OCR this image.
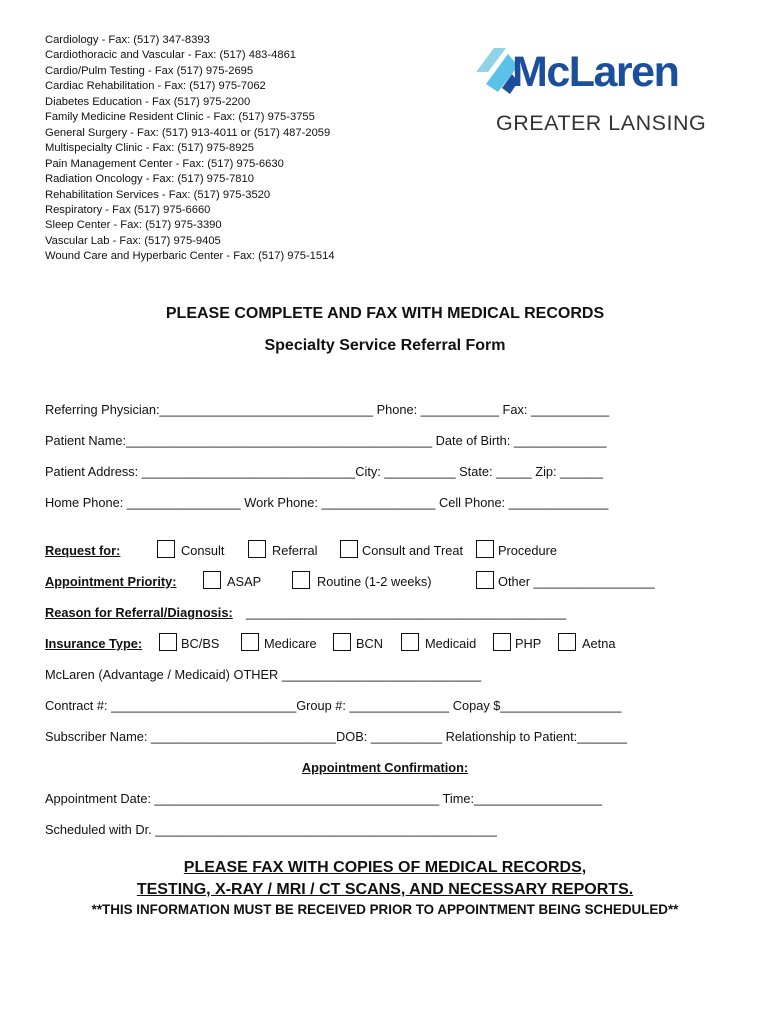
Cardiology - Fax: (517) 347-8393
Cardiothoracic and Vascular - Fax: (517) 483-4861
Cardio/Pulm Testing - Fax (517) 975-2695
Cardiac Rehabilitation - Fax: (517) 975-7062
Diabetes Education - Fax (517) 975-2200
Family Medicine Resident Clinic - Fax: (517) 975-3755
General Surgery - Fax: (517) 913-4011 or (517) 487-2059
Multispecialty Clinic - Fax: (517) 975-8925
Pain Management Center - Fax: (517) 975-6630
Radiation Oncology - Fax: (517) 975-7810
Rehabilitation Services - Fax: (517) 975-3520
Respiratory - Fax (517) 975-6660
Sleep Center - Fax: (517) 975-3390
Vascular Lab - Fax: (517) 975-9405
Wound Care and Hyperbaric Center - Fax: (517) 975-1514
McLaren
GREATER LANSING
PLEASE COMPLETE AND FAX WITH MEDICAL RECORDS
Specialty Service Referral Form
Referring Physician:______________________________ Phone: ___________ Fax: ___________
Patient Name:___________________________________________ Date of Birth: _____________
Patient Address: ______________________________City: __________ State: _____ Zip: ______
Home Phone: ________________ Work Phone: ________________ Cell Phone: ______________
Request for:	Consult	Referral	Consult and Treat	Procedure
Appointment Priority:	ASAP	Routine (1-2 weeks)	Other _________________
Reason for Referral/Diagnosis: _____________________________________________
Insurance Type:	BC/BS	Medicare	BCN	Medicaid	PHP	Aetna
McLaren (Advantage / Medicaid) OTHER ____________________________
Contract #: __________________________Group #: ______________ Copay $_________________
Subscriber Name: __________________________DOB: __________ Relationship to Patient:_______
Appointment Confirmation:
Appointment Date: ________________________________________ Time:__________________
Scheduled with Dr. ________________________________________________
PLEASE FAX WITH COPIES OF MEDICAL RECORDS,
TESTING, X-RAY / MRI / CT SCANS, AND NECESSARY REPORTS.
**THIS INFORMATION MUST BE RECEIVED PRIOR TO APPOINTMENT BEING SCHEDULED**
